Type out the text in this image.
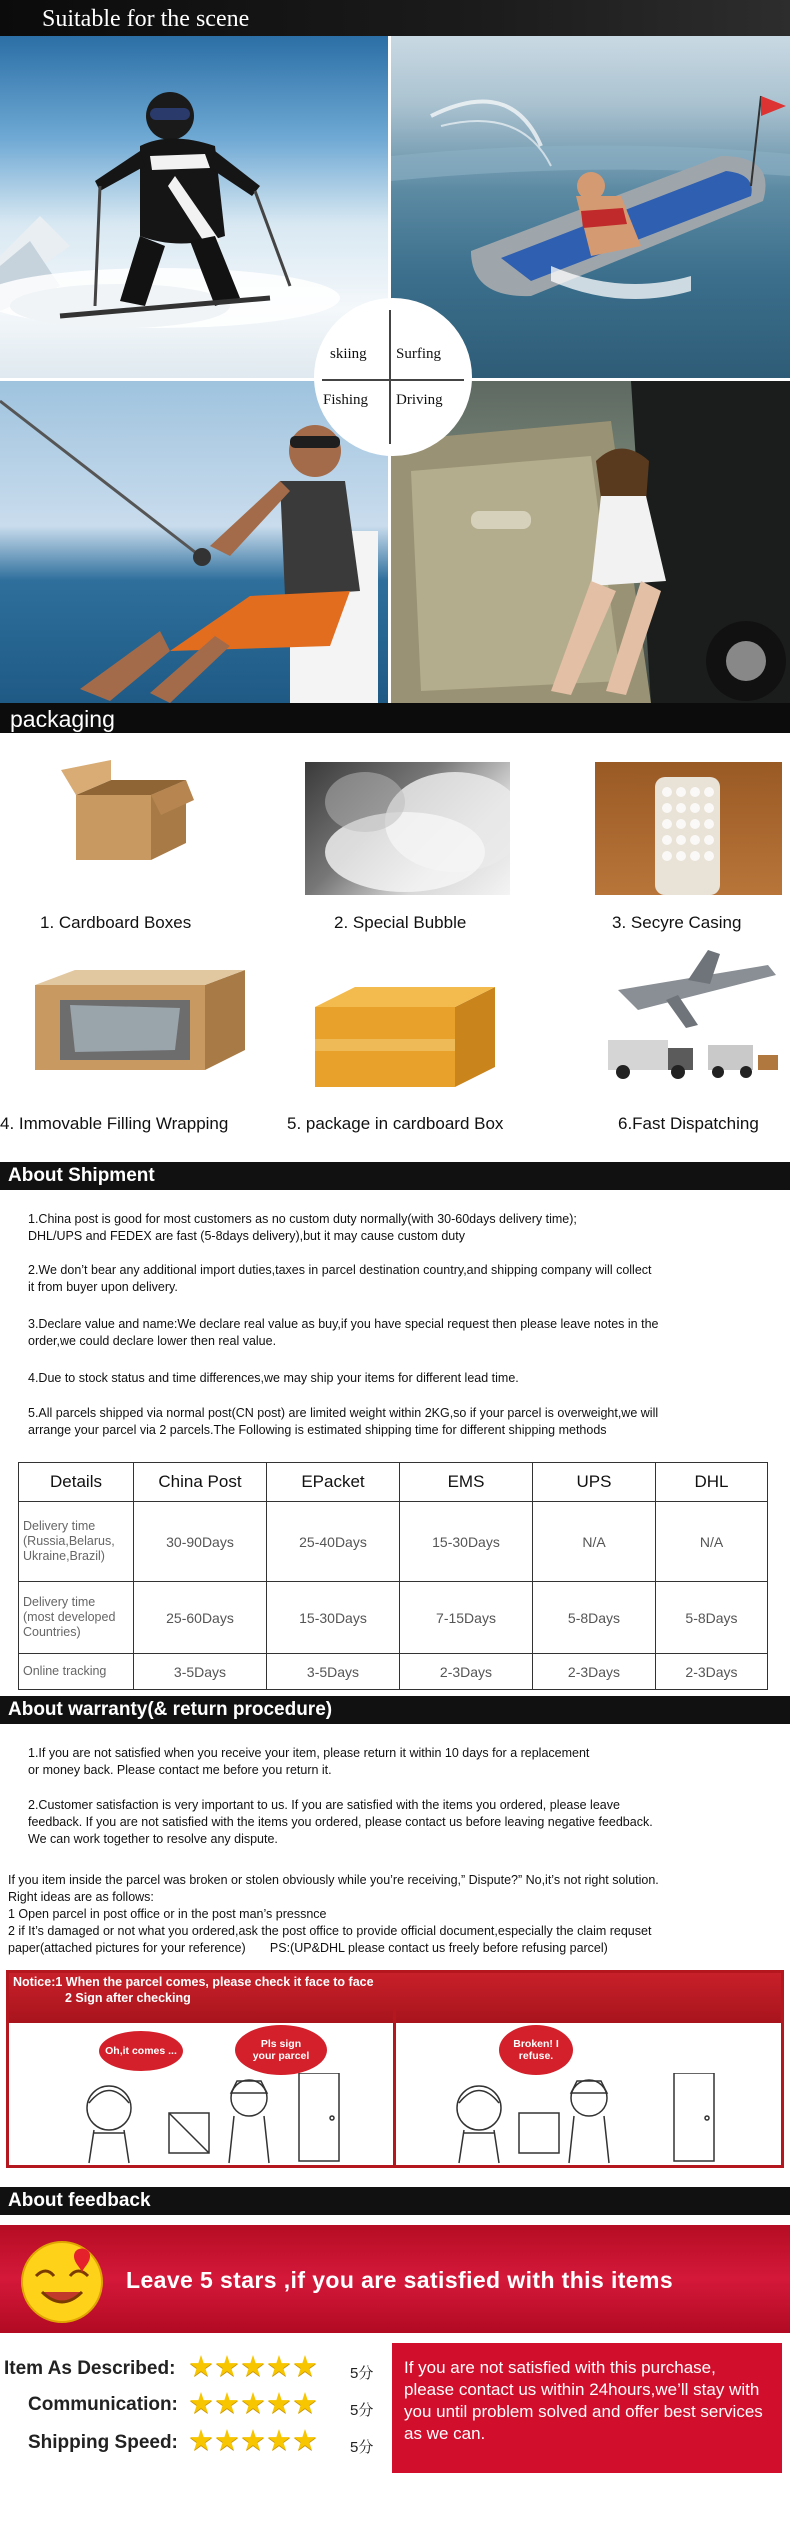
Suitable for the scene
skiing Surfing
Fishing Driving
packaging
1. Cardboard Boxes	2. Special Bubble	3. Secyre Casing
4. Immovable Filling Wrapping	5. package in cardboard Box	6.Fast Dispatching
About Shipment
1.China post is good for most customers as no custom duty normally(with 30-60days delivery time);
DHL/UPS and FEDEX are fast (5-8days delivery),but it may cause custom duty
2.We don’t bear any additional import duties,taxes in parcel destination country,and shipping company will collect
it from buyer upon delivery.
3.Declare value and name:We declare real value as buy,if you have special request then please leave notes in the
order,we could declare lower then real value.
4.Due to stock status and time differences,we may ship your items for different lead time.
5.All parcels shipped via normal post(CN post) are limited weight within 2KG,so if your parcel is overweight,we will
arrange your parcel via 2 parcels.The Following is estimated shipping time for different shipping methods
Details	China Post	EPacket	EMS	UPS	DHL
Delivery time (Russia,Belarus, Ukraine,Brazil)	30-90Days	25-40Days	15-30Days	N/A	N/A
Delivery time (most developed Countries)	25-60Days	15-30Days	7-15Days	5-8Days	5-8Days
Online tracking	3-5Days	3-5Days	2-3Days	2-3Days	2-3Days
About warranty(& return procedure)
1.If you are not satisfied when you receive your item, please return it within 10 days for a replacement
or money back. Please contact me before you return it.
2.Customer satisfaction is very important to us. If you are satisfied with the items you ordered, please leave
feedback. If you are not satisfied with the items you ordered, please contact us before leaving negative feedback.
We can work together to resolve any dispute.
If you item inside the parcel was broken or stolen obviously while you’re receiving,” Dispute?” No,it’s not right solution.
Right ideas are as follows:
1 Open parcel in post office or in the post man’s pressnce
2 if It’s damaged or not what you ordered,ask the post office to provide official document,especially the claim requset
paper(attached pictures for your reference)       PS:(UP&DHL please contact us freely before refusing parcel)
Notice:1 When the parcel comes, please check it face to face
2 Sign after checking
Oh,it comes ...
Pls sign your parcel
Broken! I refuse.
About feedback
Leave 5 stars ,if you are satisfied with this items
Item As Described: ★★★★★ 5分
Communication: ★★★★★ 5分
Shipping Speed: ★★★★★ 5分
If you are not satisfied with this purchase, please contact us within 24hours,we’ll stay with you until problem solved and offer best services as we can.
